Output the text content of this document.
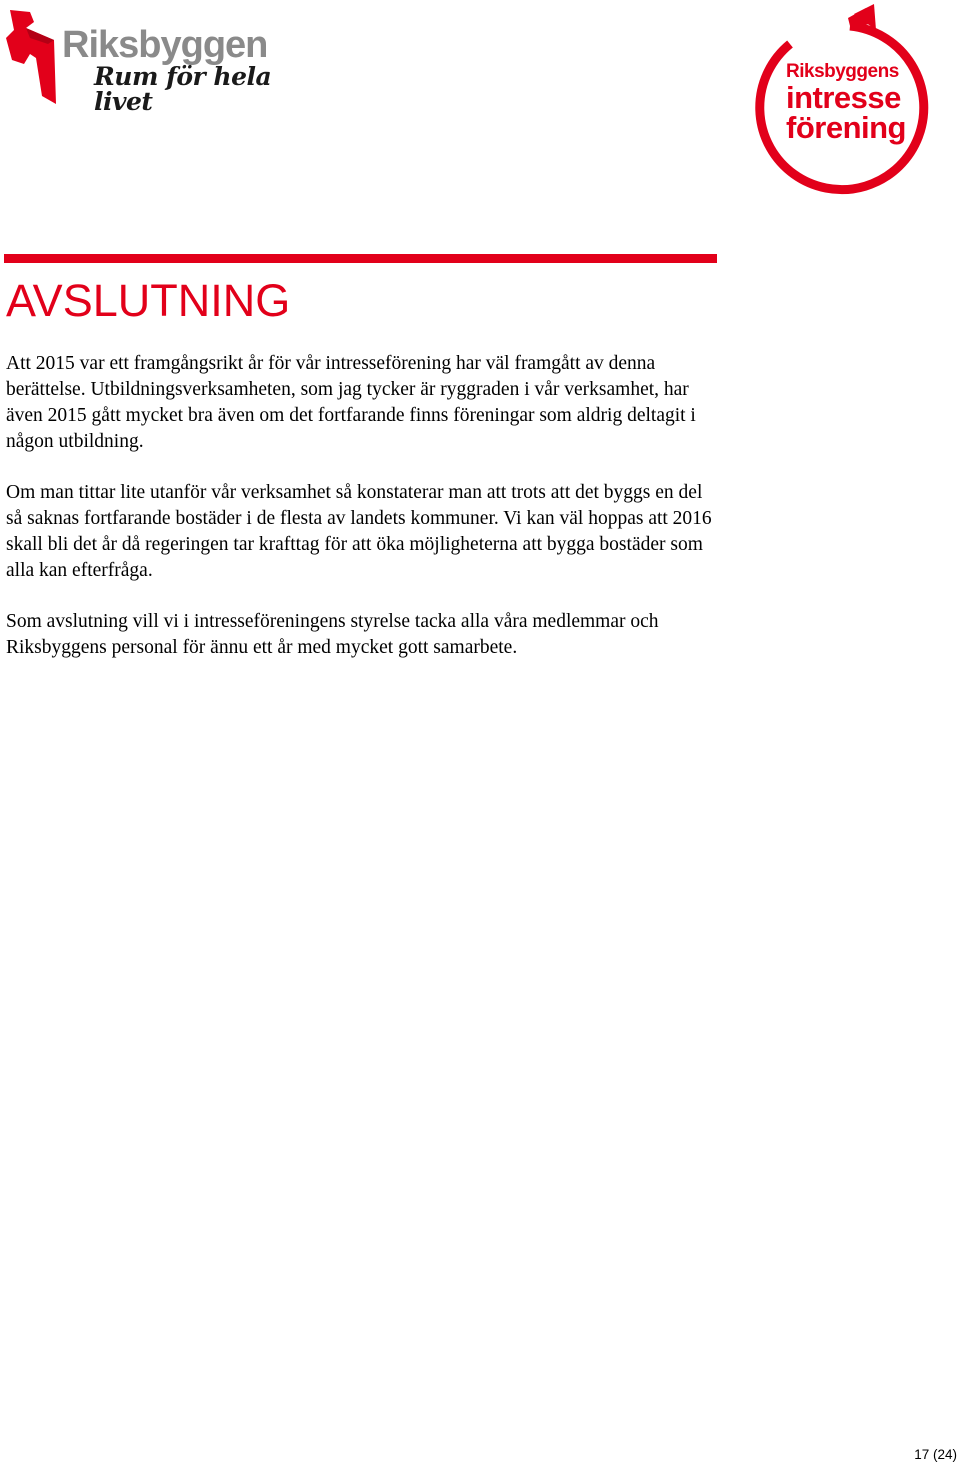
Riksbyggen
Rum för hela livet
Riksbyggens
intresse
förening
AVSLUTNING

Att 2015 var ett framgångsrikt år för vår intresseförening har väl framgått av denna berättelse. Utbildningsverksamheten, som jag tycker är ryggraden i vår verksamhet, har även 2015 gått mycket bra även om det fortfarande finns föreningar som aldrig deltagit i någon utbildning.

Om man tittar lite utanför vår verksamhet så konstaterar man att trots att det byggs en del så saknas fortfarande bostäder i de flesta av landets kommuner. Vi kan väl hoppas att 2016 skall bli det år då regeringen tar krafttag för att öka möjligheterna att bygga bostäder som alla kan efterfråga.

Som avslutning vill vi i intresseföreningens styrelse tacka alla våra medlemmar och Riksbyggens personal för ännu ett år med mycket gott samarbete.

17 (24)
